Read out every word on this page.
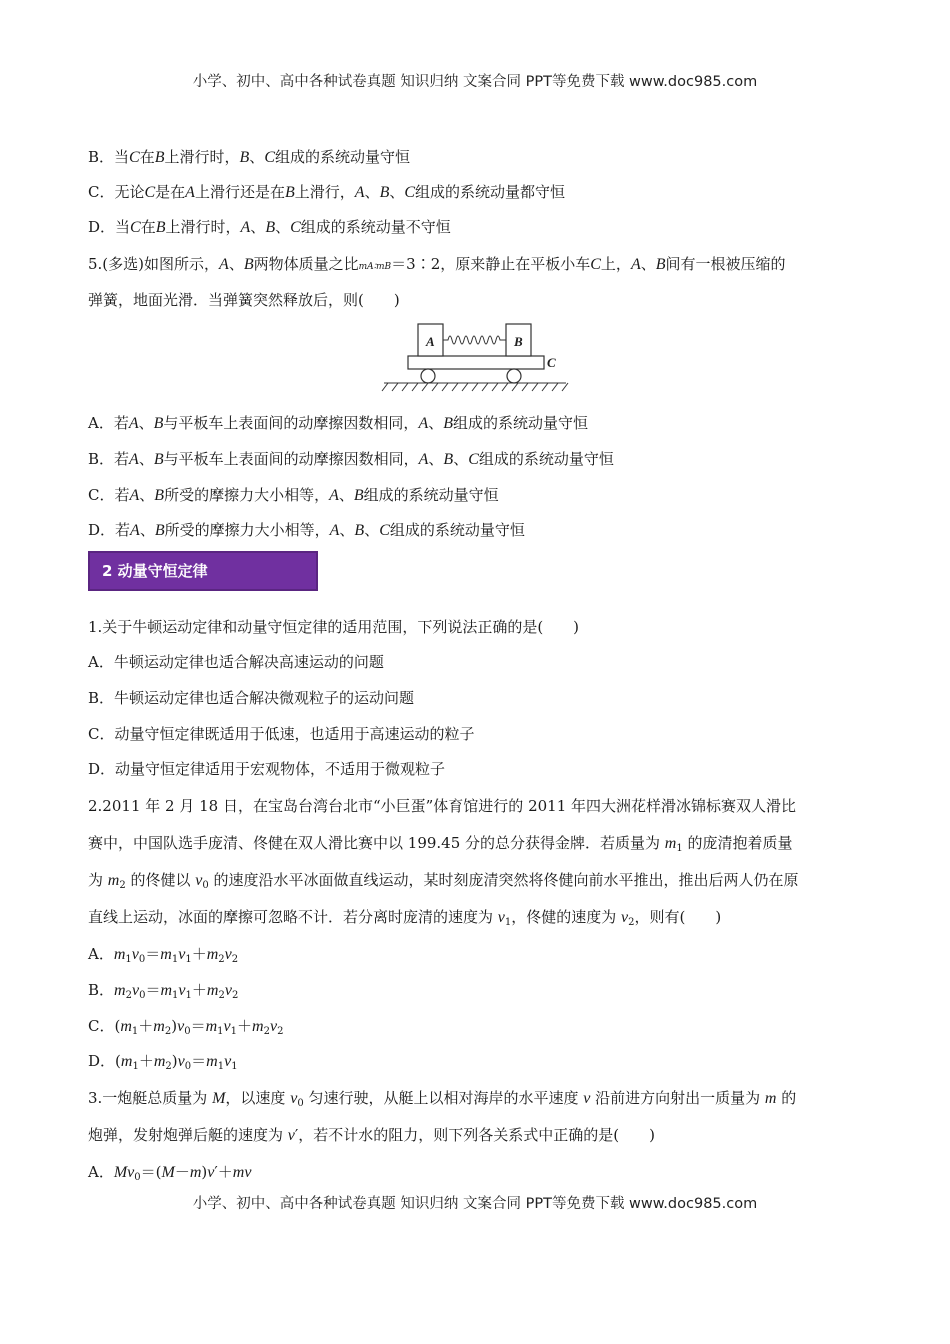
小学、初中、高中各种试卷真题 知识归纳 文案合同 PPT等免费下载 www.doc985.com
B．当C在B上滑行时，B、C组成的系统动量守恒
C．无论C是在A上滑行还是在B上滑行，A、B、C组成的系统动量都守恒
D．当C在B上滑行时，A、B、C组成的系统动量不守恒
5.(多选)如图所示，A、B两物体质量之比mA∶mB＝3∶2，原来静止在平板小车C上，A、B间有一根被压缩的
弹簧，地面光滑．当弹簧突然释放后，则(　　)
A	B
C
A．若A、B与平板车上表面间的动摩擦因数相同，A、B组成的系统动量守恒
B．若A、B与平板车上表面间的动摩擦因数相同，A、B、C组成的系统动量守恒
C．若A、B所受的摩擦力大小相等，A、B组成的系统动量守恒
D．若A、B所受的摩擦力大小相等，A、B、C组成的系统动量守恒
2 动量守恒定律
1.关于牛顿运动定律和动量守恒定律的适用范围，下列说法正确的是(　　)
A．牛顿运动定律也适合解决高速运动的问题
B．牛顿运动定律也适合解决微观粒子的运动问题
C．动量守恒定律既适用于低速，也适用于高速运动的粒子
D．动量守恒定律适用于宏观物体，不适用于微观粒子
2.2011 年 2 月 18 日，在宝岛台湾台北市“小巨蛋”体育馆进行的 2011 年四大洲花样滑冰锦标赛双人滑比
赛中，中国队选手庞清、佟健在双人滑比赛中以 199.45 分的总分获得金牌．若质量为 $m_1$ 的庞清抱着质量
为 $m_2$ 的佟健以 $v_0$ 的速度沿水平冰面做直线运动，某时刻庞清突然将佟健向前水平推出，推出后两人仍在原
直线上运动，冰面的摩擦可忽略不计．若分离时庞清的速度为 $v_1$，佟健的速度为 $v_2$，则有(　　)
A．$m_1v_0=m_1v_1+m_2v_2$
B．$m_2v_0=m_1v_1+m_2v_2$
C．$(m_1+m_2)v_0=m_1v_1+m_2v_2$
D．$(m_1+m_2)v_0=m_1v_1$
3.一炮艇总质量为 M，以速度 $v_0$ 匀速行驶，从艇上以相对海岸的水平速度 v 沿前进方向射出一质量为 m 的
炮弹，发射炮弹后艇的速度为 v′，若不计水的阻力，则下列各关系式中正确的是(　　)
A．$Mv_0=(M-m)v'+mv$
小学、初中、高中各种试卷真题 知识归纳 文案合同 PPT等免费下载 www.doc985.com
